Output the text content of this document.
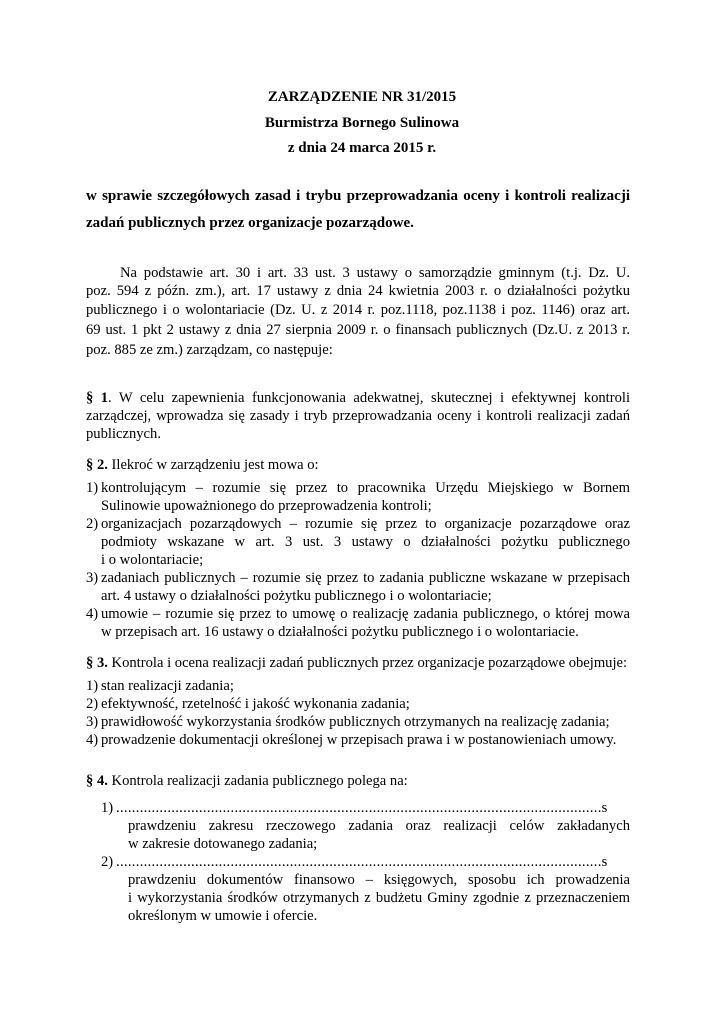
ZARZĄDZENIE NR 31/2015
Burmistrza Bornego Sulinowa
z dnia 24 marca 2015 r.
w sprawie szczegółowych zasad i trybu przeprowadzania oceny i kontroli realizacji
zadań publicznych przez organizacje pozarządowe.
Na podstawie art. 30 i art. 33 ust. 3 ustawy o samorządzie gminnym (t.j. Dz. U.
poz. 594 z późn. zm.), art. 17 ustawy z dnia 24 kwietnia 2003 r. o działalności pożytku
publicznego i o wolontariacie (Dz. U. z 2014 r. poz.1118, poz.1138 i poz. 1146) oraz art.
69 ust. 1 pkt 2 ustawy z dnia 27 sierpnia 2009 r. o finansach publicznych (Dz.U. z 2013 r.
poz. 885 ze zm.) zarządzam, co następuje:
§ 1. W celu zapewnienia funkcjonowania adekwatnej, skutecznej i efektywnej kontroli
zarządczej, wprowadza się zasady i tryb przeprowadzania oceny i kontroli realizacji zadań
publicznych.
§ 2. Ilekroć w zarządzeniu jest mowa o:
1) kontrolującym – rozumie się przez to pracownika Urzędu Miejskiego w Bornem
Sulinowie upoważnionego do przeprowadzenia kontroli;
2) organizacjach pozarządowych – rozumie się przez to organizacje pozarządowe oraz
podmioty wskazane w art. 3 ust. 3 ustawy o działalności pożytku publicznego
i o wolontariacie;
3) zadaniach publicznych – rozumie się przez to zadania publiczne wskazane w przepisach
art. 4 ustawy o działalności pożytku publicznego i o wolontariacie;
4) umowie – rozumie się przez to umowę o realizację zadania publicznego, o której mowa
w przepisach art. 16 ustawy o działalności pożytku publicznego i o wolontariacie.
§ 3. Kontrola i ocena realizacji zadań publicznych przez organizacje pozarządowe obejmuje:
1) stan realizacji zadania;
2) efektywność, rzetelność i jakość wykonania zadania;
3) prawidłowość wykorzystania środków publicznych otrzymanych na realizację zadania;
4) prowadzenie dokumentacji określonej w przepisach prawa i w postanowieniach umowy.
§ 4. Kontrola realizacji zadania publicznego polega na:
1) ...........................................................................................................................s
prawdzeniu zakresu rzeczowego zadania oraz realizacji celów zakładanych
w zakresie dotowanego zadania;
2) ...........................................................................................................................s
prawdzeniu dokumentów finansowo – księgowych, sposobu ich prowadzenia
i wykorzystania środków otrzymanych z budżetu Gminy zgodnie z przeznaczeniem
określonym w umowie i ofercie.
